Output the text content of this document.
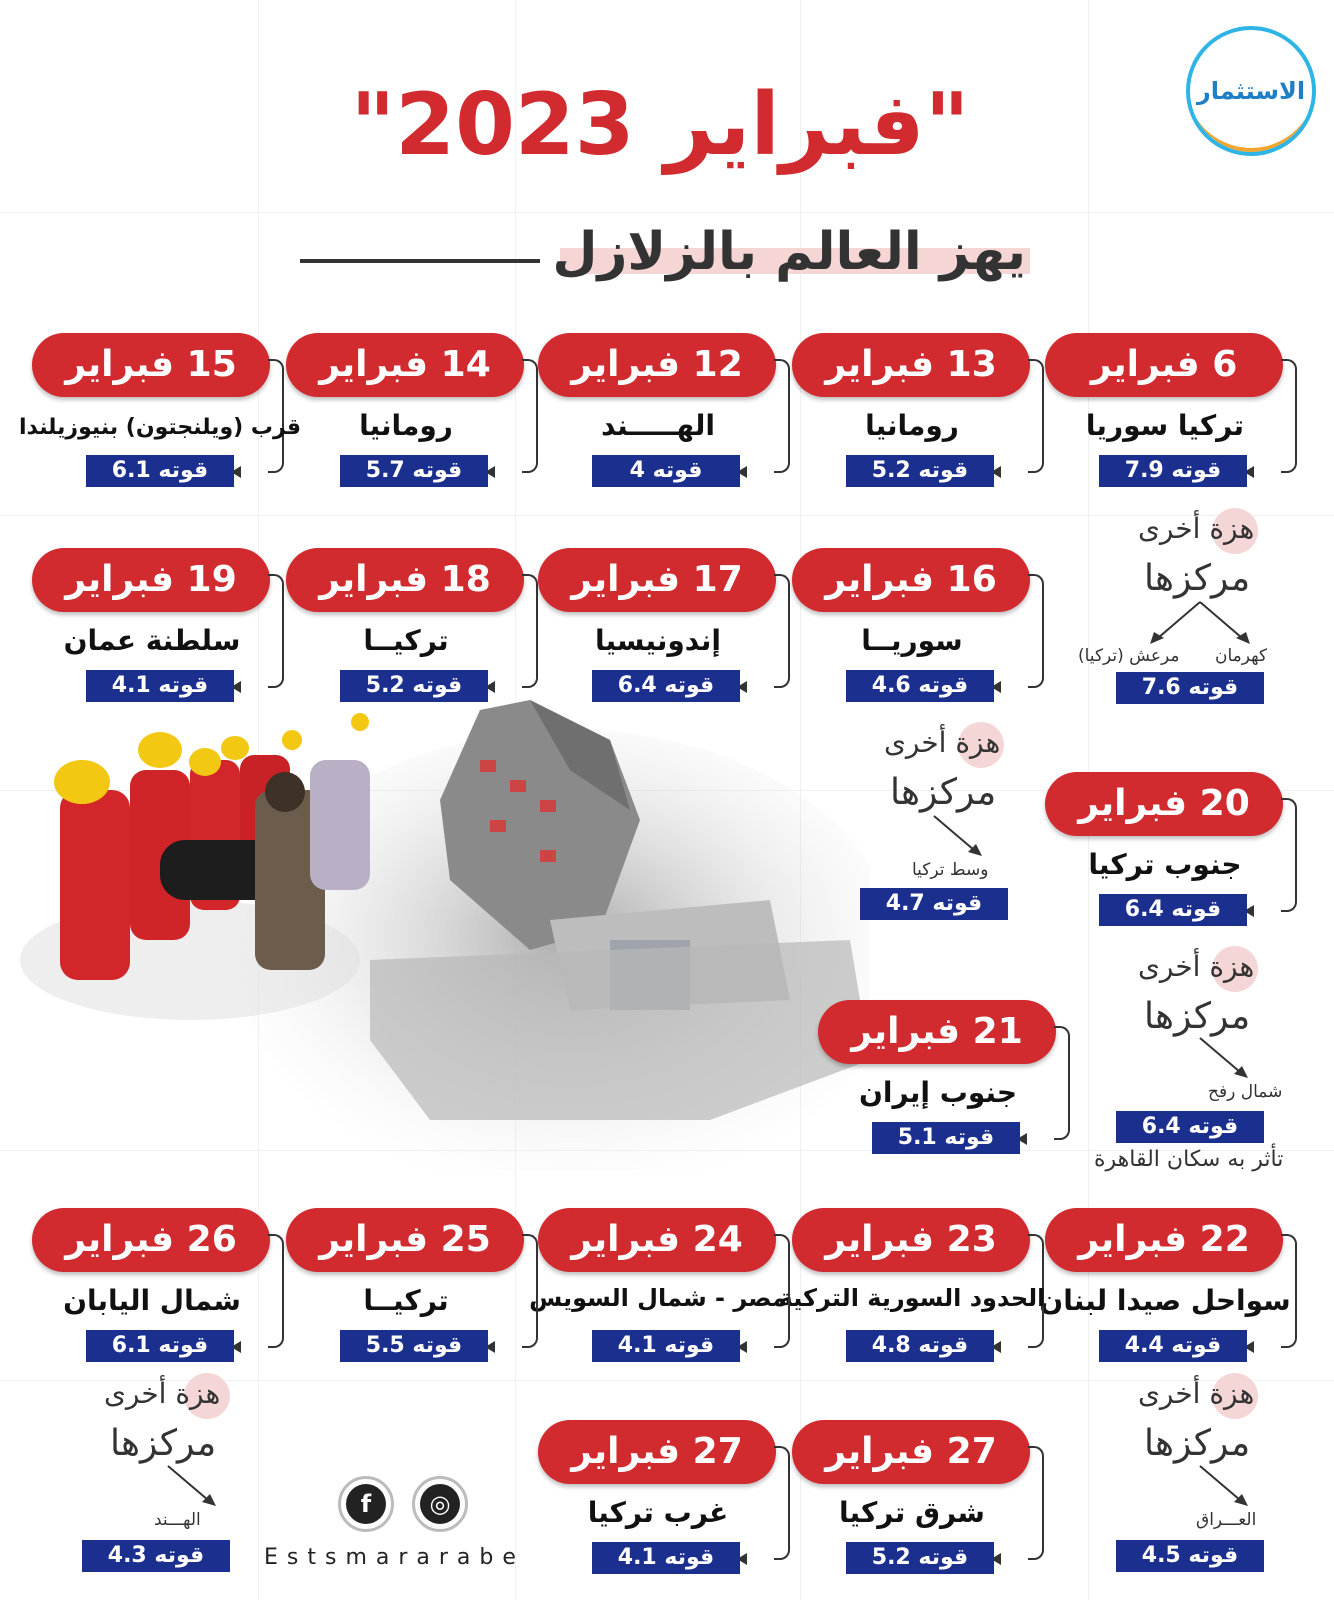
"فبراير 2023"
يهز العالم بالزلازل
الاستثمار
6 فبراير
تركيا سوريا
قوته 7.9
13 فبراير
رومانيا
قوته 5.2
12 فبراير
الهـــــند
قوته 4
14 فبراير
رومانيا
قوته 5.7
15 فبراير
قرب (ويلنجتون) بنيوزيلندا
قوته 6.1
16 فبراير
سوريــا
قوته 4.6
17 فبراير
إندونيسيا
قوته 6.4
18 فبراير
تركيــا
قوته 5.2
19 فبراير
سلطنة عمان
قوته 4.1
20 فبراير
جنوب تركيا
قوته 6.4
21 فبراير
جنوب إيران
قوته 5.1
22 فبراير
سواحل صيدا لبنان
قوته 4.4
23 فبراير
الحدود السورية التركية
قوته 4.8
24 فبراير
مصر - شمال السويس
قوته 4.1
25 فبراير
تركيــا
قوته 5.5
26 فبراير
شمال اليابان
قوته 6.1
27 فبراير
شرق تركيا
قوته 5.2
27 فبراير
غرب تركيا
قوته 4.1
هزة أخرى
مركزها
كهرمان
مرعش (تركيا)
قوته 7.6
هزة أخرى
مركزها
وسط تركيا
قوته 4.7
هزة أخرى
مركزها
شمال رفح
قوته 6.4
تأثر به سكان القاهرة
هزة أخرى
مركزها
العـــراق
قوته 4.5
هزة أخرى
مركزها
الهـــند
قوته 4.3
f	◎
Estsmararabe
